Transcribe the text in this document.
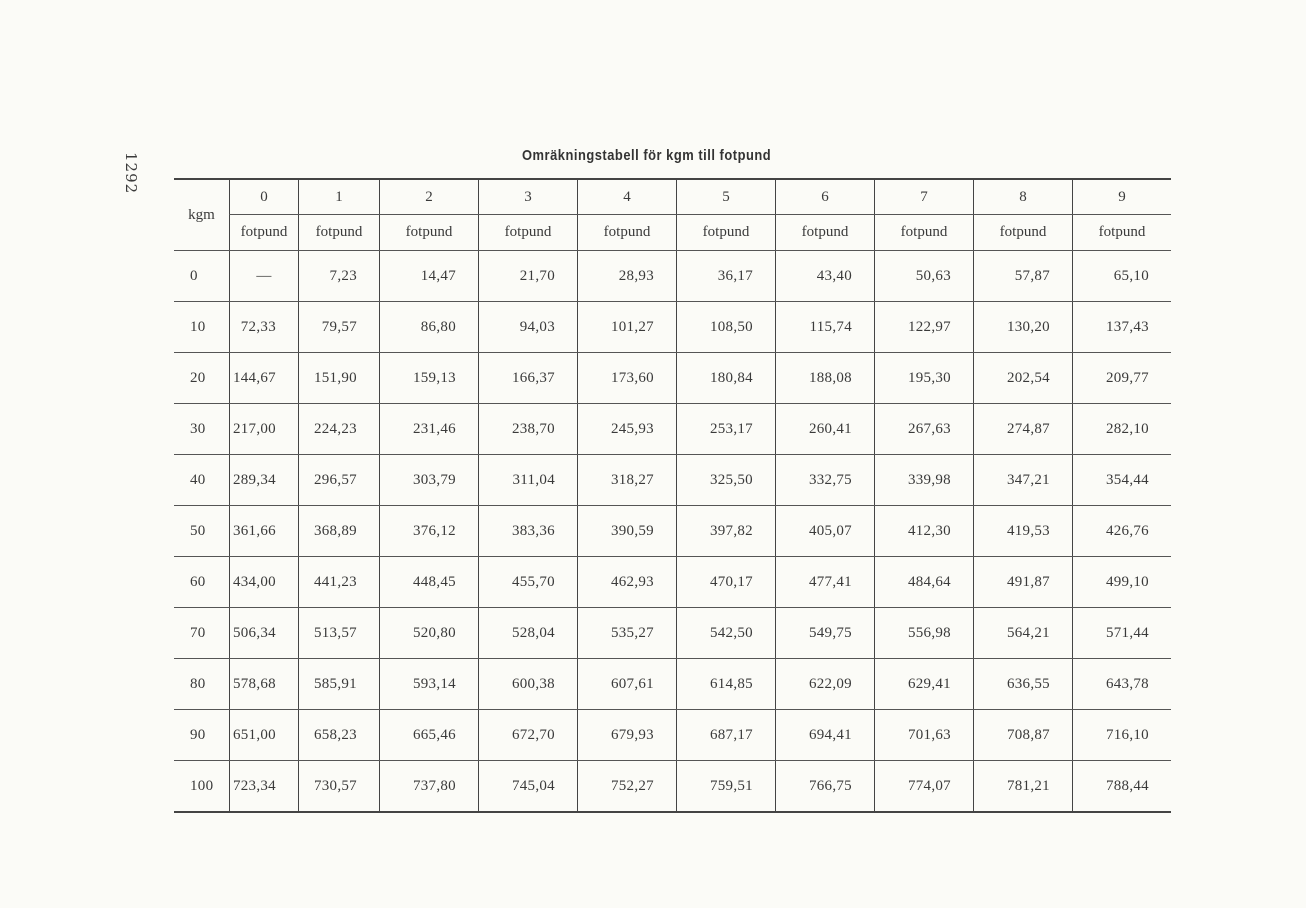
1292	Omräkningstabell för kgm till fotpund
kgm	0	1	2	3	4	5	6	7	8	9
	fotpund	fotpund	fotpund	fotpund	fotpund	fotpund	fotpund	fotpund	fotpund	fotpund
0	—	7,23	14,47	21,70	28,93	36,17	43,40	50,63	57,87	65,10
10	72,33	79,57	86,80	94,03	101,27	108,50	115,74	122,97	130,20	137,43
20	144,67	151,90	159,13	166,37	173,60	180,84	188,08	195,30	202,54	209,77
30	217,00	224,23	231,46	238,70	245,93	253,17	260,41	267,63	274,87	282,10
40	289,34	296,57	303,79	311,04	318,27	325,50	332,75	339,98	347,21	354,44
50	361,66	368,89	376,12	383,36	390,59	397,82	405,07	412,30	419,53	426,76
60	434,00	441,23	448,45	455,70	462,93	470,17	477,41	484,64	491,87	499,10
70	506,34	513,57	520,80	528,04	535,27	542,50	549,75	556,98	564,21	571,44
80	578,68	585,91	593,14	600,38	607,61	614,85	622,09	629,41	636,55	643,78
90	651,00	658,23	665,46	672,70	679,93	687,17	694,41	701,63	708,87	716,10
100	723,34	730,57	737,80	745,04	752,27	759,51	766,75	774,07	781,21	788,44
